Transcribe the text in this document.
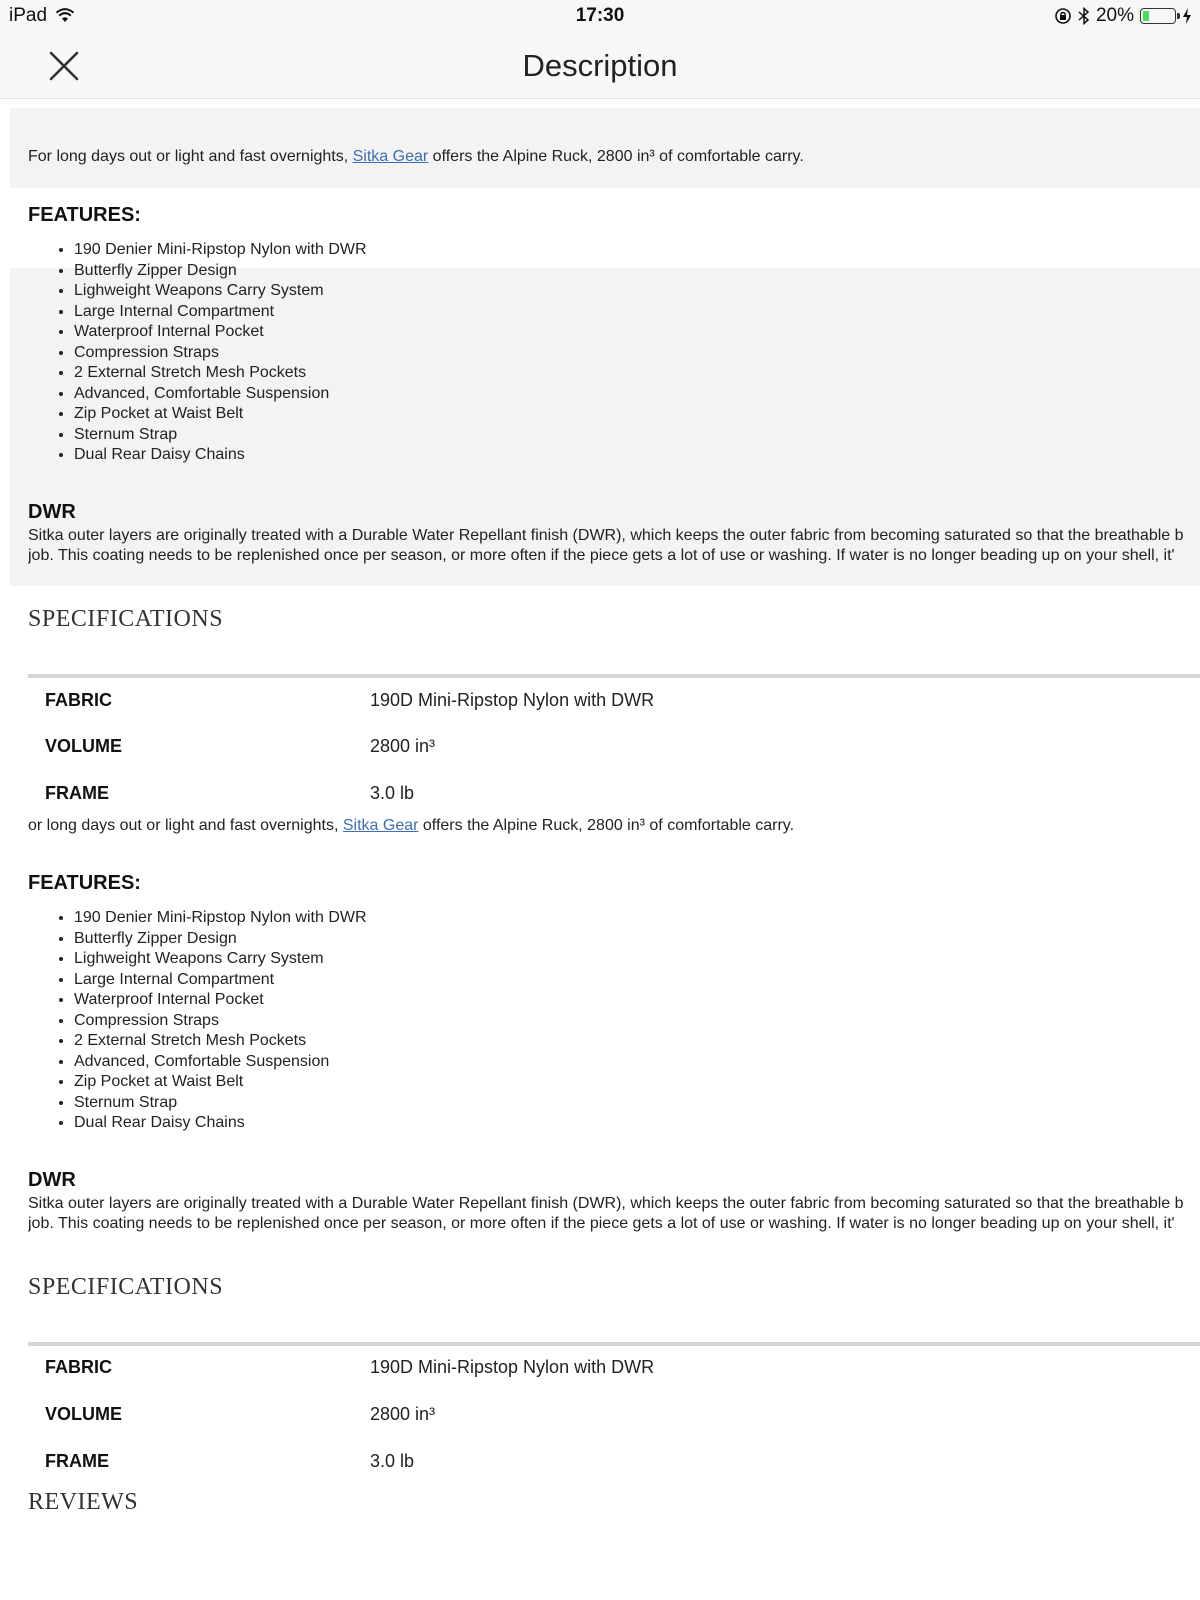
iPad	17:30	20%
Description
For long days out or light and fast overnights, Sitka Gear offers the Alpine Ruck, 2800 in³ of comfortable carry.
FEATURES:
• 190 Denier Mini-Ripstop Nylon with DWR
• Butterfly Zipper Design
• Lighweight Weapons Carry System
• Large Internal Compartment
• Waterproof Internal Pocket
• Compression Straps
• 2 External Stretch Mesh Pockets
• Advanced, Comfortable Suspension
• Zip Pocket at Waist Belt
• Sternum Strap
• Dual Rear Daisy Chains
DWR
Sitka outer layers are originally treated with a Durable Water Repellant finish (DWR), which keeps the outer fabric from becoming saturated so that the breathable b
job. This coating needs to be replenished once per season, or more often if the piece gets a lot of use or washing. If water is no longer beading up on your shell, it'
SPECIFICATIONS
FABRIC	190D Mini-Ripstop Nylon with DWR
VOLUME	2800 in³
FRAME	3.0 lb
or long days out or light and fast overnights, Sitka Gear offers the Alpine Ruck, 2800 in³ of comfortable carry.
FEATURES:
• 190 Denier Mini-Ripstop Nylon with DWR
• Butterfly Zipper Design
• Lighweight Weapons Carry System
• Large Internal Compartment
• Waterproof Internal Pocket
• Compression Straps
• 2 External Stretch Mesh Pockets
• Advanced, Comfortable Suspension
• Zip Pocket at Waist Belt
• Sternum Strap
• Dual Rear Daisy Chains
DWR
Sitka outer layers are originally treated with a Durable Water Repellant finish (DWR), which keeps the outer fabric from becoming saturated so that the breathable b
job. This coating needs to be replenished once per season, or more often if the piece gets a lot of use or washing. If water is no longer beading up on your shell, it'
SPECIFICATIONS
FABRIC	190D Mini-Ripstop Nylon with DWR
VOLUME	2800 in³
FRAME	3.0 lb
REVIEWS
